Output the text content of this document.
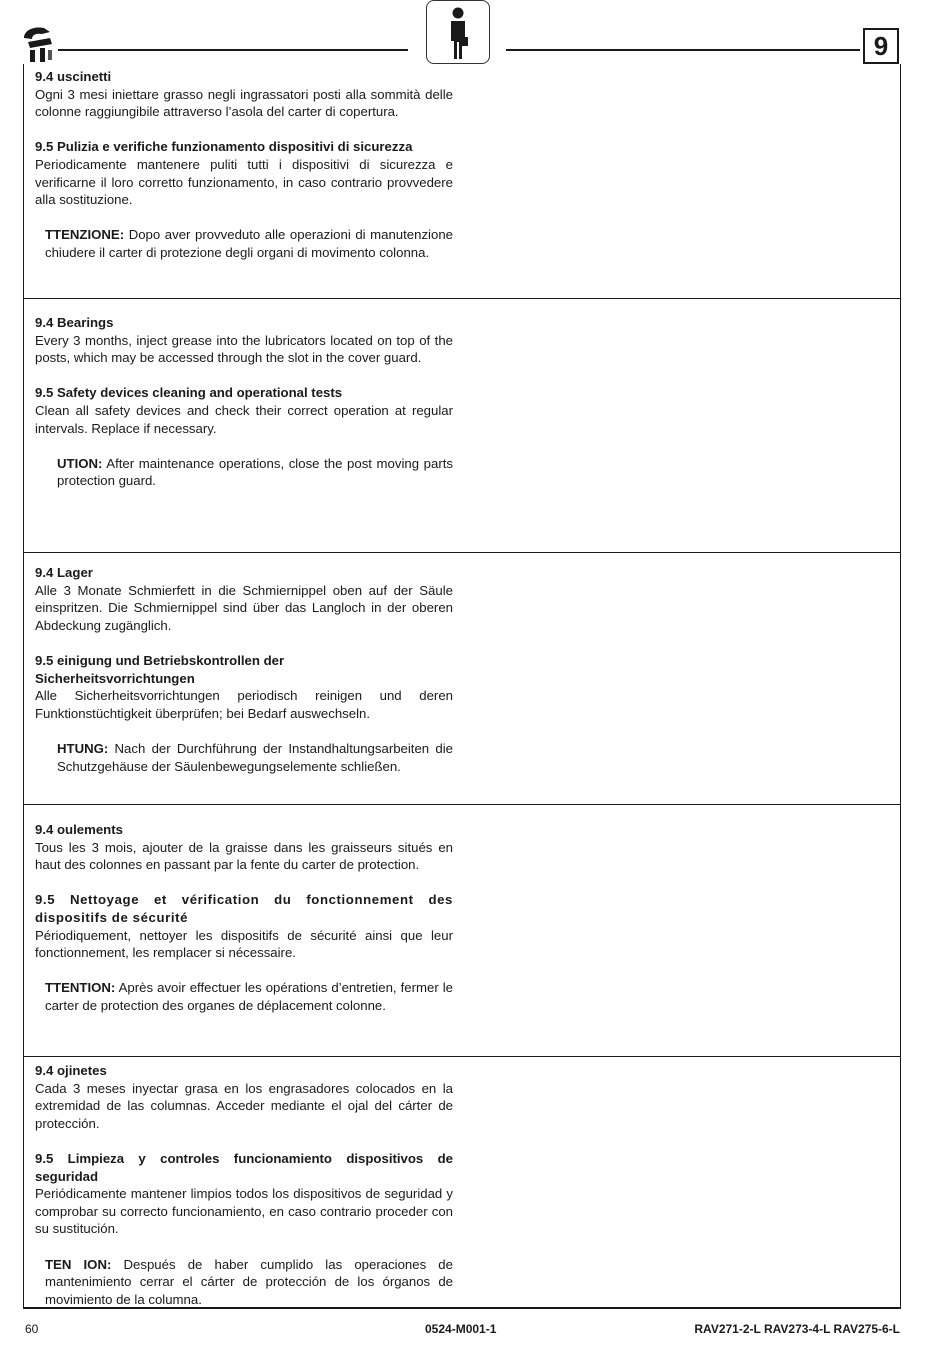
9

9.4 uscinetti

Ogni 3 mesi iniettare grasso negli ingrassatori posti alla sommità delle colonne raggiungibile attraverso l’asola del carter di copertura.

9.5 Pulizia e verifiche funzionamento dispositivi di sicurezza

Periodicamente mantenere puliti tutti i dispositivi di sicurezza e verificarne il loro corretto funzionamento, in caso contrario provvedere alla sostituzione.

TTENZIONE: Dopo aver provveduto alle operazioni di manutenzione chiudere il carter di protezione degli organi di movimento colonna.

9.4 Bearings

Every 3 months, inject grease into the lubricators located on top of the posts, which may be accessed through the slot in the cover guard.

9.5 Safety devices cleaning and operational tests

Clean all safety devices and check their correct operation at regular intervals. Replace if necessary.

UTION: After maintenance operations, close the post moving parts protection guard.

9.4 Lager

Alle 3 Monate Schmierfett in die Schmiernippel oben auf der Säule einspritzen. Die Schmiernippel sind über das Langloch in der oberen Abdeckung zugänglich.

9.5 einigung und Betriebskontrollen der Sicherheitsvorrichtungen

Alle Sicherheitsvorrichtungen periodisch reinigen und deren Funktionstüchtigkeit überprüfen; bei Bedarf auswechseln.

HTUNG: Nach der Durchführung der Instandhaltungsarbeiten die Schutzgehäuse der Säulenbewegungselemente schließen.

9.4 oulements

Tous les 3 mois, ajouter de la graisse dans les graisseurs situés en haut des colonnes en passant par la fente du carter de protection.

9.5 Nettoyage et vérification du fonctionnement des dispositifs de sécurité

Périodiquement, nettoyer les dispositifs de sécurité ainsi que leur fonctionnement, les remplacer si nécessaire.

TTENTION: Après avoir effectuer les opérations d’entretien, fermer le carter de protection des organes de déplacement colonne.

9.4 ojinetes

Cada 3 meses inyectar grasa en los engrasadores colocados en la extremidad de las columnas. Acceder mediante el ojal del cárter de protección.

9.5 Limpieza y controles funcionamiento dispositivos de seguridad

Periódicamente mantener limpios todos los dispositivos de seguridad y comprobar su correcto funcionamiento, en caso contrario proceder con su sustitución.

TEN ION: Después de haber cumplido las operaciones de mantenimiento cerrar el cárter de protección de los órganos de movimiento de la columna.

60	0524-M001-1	RAV271-2-L RAV273-4-L RAV275-6-L
